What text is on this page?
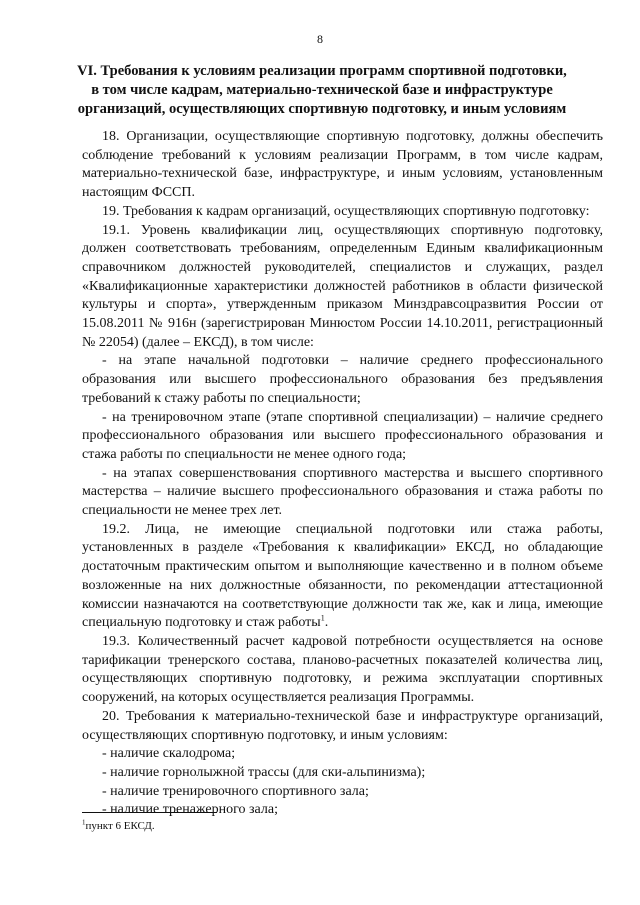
8
VI. Требования к условиям реализации программ спортивной подготовки,
в том числе кадрам, материально-технической базе и инфраструктуре
организаций, осуществляющих спортивную подготовку, и иным условиям

18. Организации, осуществляющие спортивную подготовку, должны обеспечить соблюдение требований к условиям реализации Программ, в том числе кадрам, материально-технической базе, инфраструктуре, и иным условиям, установленным настоящим ФССП.

19. Требования к кадрам организаций, осуществляющих спортивную подготовку:

19.1. Уровень квалификации лиц, осуществляющих спортивную подготовку, должен соответствовать требованиям, определенным Единым квалификационным справочником должностей руководителей, специалистов и служащих, раздел «Квалификационные характеристики должностей работников в области физической культуры и спорта», утвержденным приказом Минздравсоцразвития России от 15.08.2011 № 916н (зарегистрирован Минюстом России 14.10.2011, регистрационный № 22054) (далее – ЕКСД), в том числе:

- на этапе начальной подготовки – наличие среднего профессионального образования или высшего профессионального образования без предъявления требований к стажу работы по специальности;

- на тренировочном этапе (этапе спортивной специализации) – наличие среднего профессионального образования или высшего профессионального образования и стажа работы по специальности не менее одного года;

- на этапах совершенствования спортивного мастерства и высшего спортивного мастерства – наличие высшего профессионального образования и стажа работы по специальности не менее трех лет.

19.2. Лица, не имеющие специальной подготовки или стажа работы, установленных в разделе «Требования к квалификации» ЕКСД, но обладающие достаточным практическим опытом и выполняющие качественно и в полном объеме возложенные на них должностные обязанности, по рекомендации аттестационной комиссии назначаются на соответствующие должности так же, как и лица, имеющие специальную подготовку и стаж работы$^1$.

19.3. Количественный расчет кадровой потребности осуществляется на основе тарификации тренерского состава, планово-расчетных показателей количества лиц, осуществляющих спортивную подготовку, и режима эксплуатации спортивных сооружений, на которых осуществляется реализация Программы.

20. Требования к материально-технической базе и инфраструктуре организаций, осуществляющих спортивную подготовку, и иным условиям:

- наличие скалодрома;

- наличие горнолыжной трассы (для ски-альпинизма);

- наличие тренировочного спортивного зала;

- наличие тренажерного зала;

$^1$пункт 6 ЕКСД.
